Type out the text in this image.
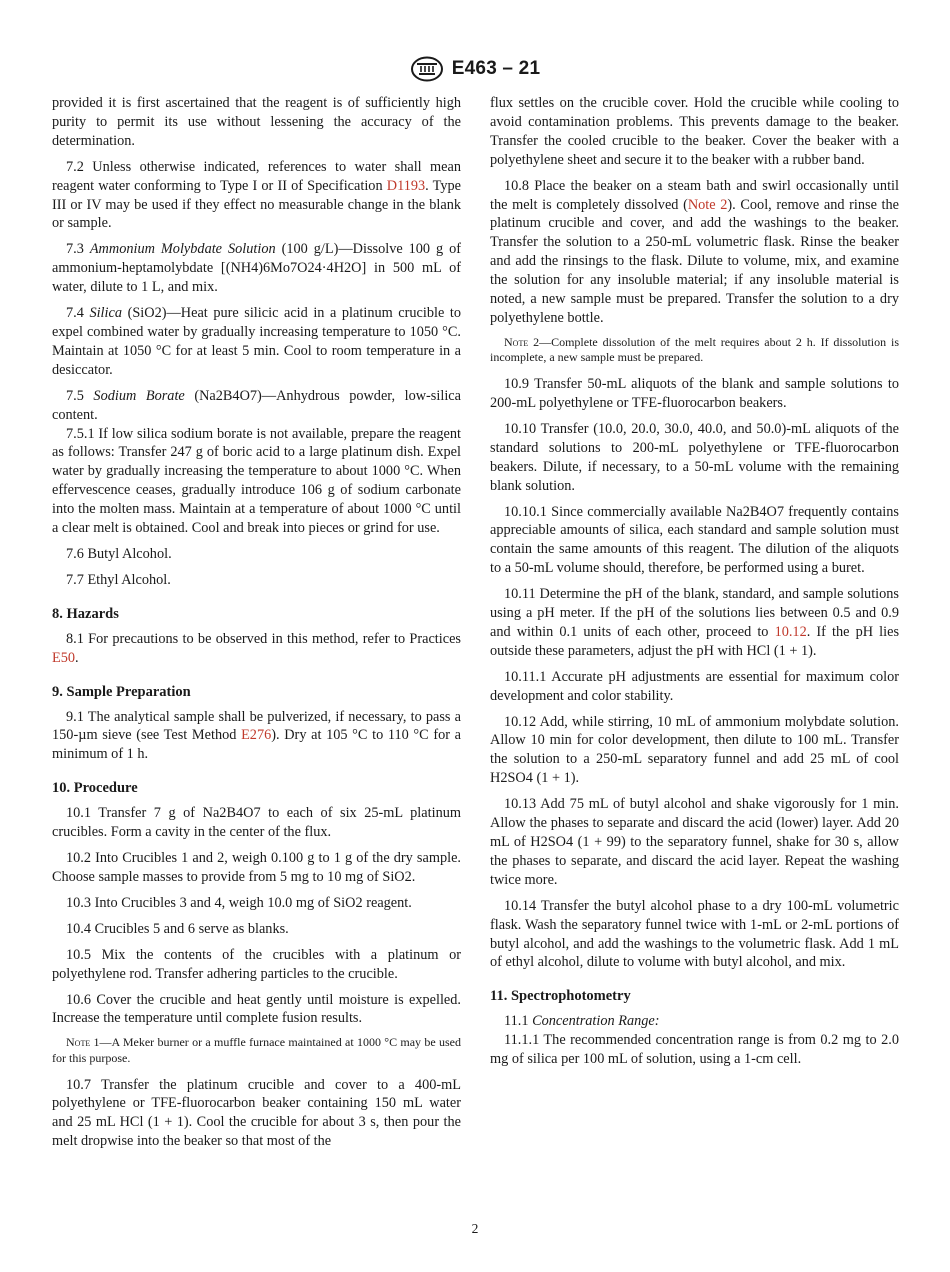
E463 – 21

provided it is first ascertained that the reagent is of sufficiently high purity to permit its use without lessening the accuracy of the determination.

7.2 Unless otherwise indicated, references to water shall mean reagent water conforming to Type I or II of Specification D1193. Type III or IV may be used if they effect no measurable change in the blank or sample.

7.3 Ammonium Molybdate Solution (100 g/L)—Dissolve 100 g of ammonium-heptamolybdate [(NH4)6Mo7O24·4H2O] in 500 mL of water, dilute to 1 L, and mix.

7.4 Silica (SiO2)—Heat pure silicic acid in a platinum crucible to expel combined water by gradually increasing temperature to 1050 °C. Maintain at 1050 °C for at least 5 min. Cool to room temperature in a desiccator.

7.5 Sodium Borate (Na2B4O7)—Anhydrous powder, low-silica content.

7.5.1 If low silica sodium borate is not available, prepare the reagent as follows: Transfer 247 g of boric acid to a large platinum dish. Expel water by gradually increasing the temperature to about 1000 °C. When effervescence ceases, gradually introduce 106 g of sodium carbonate into the molten mass. Maintain at a temperature of about 1000 °C until a clear melt is obtained. Cool and break into pieces or grind for use.

7.6 Butyl Alcohol.

7.7 Ethyl Alcohol.

8. Hazards

8.1 For precautions to be observed in this method, refer to Practices E50.

9. Sample Preparation

9.1 The analytical sample shall be pulverized, if necessary, to pass a 150-µm sieve (see Test Method E276). Dry at 105 °C to 110 °C for a minimum of 1 h.

10. Procedure

10.1 Transfer 7 g of Na2B4O7 to each of six 25-mL platinum crucibles. Form a cavity in the center of the flux.

10.2 Into Crucibles 1 and 2, weigh 0.100 g to 1 g of the dry sample. Choose sample masses to provide from 5 mg to 10 mg of SiO2.

10.3 Into Crucibles 3 and 4, weigh 10.0 mg of SiO2 reagent.

10.4 Crucibles 5 and 6 serve as blanks.

10.5 Mix the contents of the crucibles with a platinum or polyethylene rod. Transfer adhering particles to the crucible.

10.6 Cover the crucible and heat gently until moisture is expelled. Increase the temperature until complete fusion results.

Note 1—A Meker burner or a muffle furnace maintained at 1000 °C may be used for this purpose.

10.7 Transfer the platinum crucible and cover to a 400-mL polyethylene or TFE-fluorocarbon beaker containing 150 mL water and 25 mL HCl (1 + 1). Cool the crucible for about 3 s, then pour the melt dropwise into the beaker so that most of the

flux settles on the crucible cover. Hold the crucible while cooling to avoid contamination problems. This prevents damage to the beaker. Transfer the cooled crucible to the beaker. Cover the beaker with a polyethylene sheet and secure it to the beaker with a rubber band.

10.8 Place the beaker on a steam bath and swirl occasionally until the melt is completely dissolved (Note 2). Cool, remove and rinse the platinum crucible and cover, and add the washings to the beaker. Transfer the solution to a 250-mL volumetric flask. Rinse the beaker and add the rinsings to the flask. Dilute to volume, mix, and examine the solution for any insoluble material; if any insoluble material is noted, a new sample must be prepared. Transfer the solution to a dry polyethylene bottle.

Note 2—Complete dissolution of the melt requires about 2 h. If dissolution is incomplete, a new sample must be prepared.

10.9 Transfer 50-mL aliquots of the blank and sample solutions to 200-mL polyethylene or TFE-fluorocarbon beakers.

10.10 Transfer (10.0, 20.0, 30.0, 40.0, and 50.0)-mL aliquots of the standard solutions to 200-mL polyethylene or TFE-fluorocarbon beakers. Dilute, if necessary, to a 50-mL volume with the remaining blank solution.

10.10.1 Since commercially available Na2B4O7 frequently contains appreciable amounts of silica, each standard and sample solution must contain the same amounts of this reagent. The dilution of the aliquots to a 50-mL volume should, therefore, be performed using a buret.

10.11 Determine the pH of the blank, standard, and sample solutions using a pH meter. If the pH of the solutions lies between 0.5 and 0.9 and within 0.1 units of each other, proceed to 10.12. If the pH lies outside these parameters, adjust the pH with HCl (1 + 1).

10.11.1 Accurate pH adjustments are essential for maximum color development and color stability.

10.12 Add, while stirring, 10 mL of ammonium molybdate solution. Allow 10 min for color development, then dilute to 100 mL. Transfer the solution to a 250-mL separatory funnel and add 25 mL of cool H2SO4 (1 + 1).

10.13 Add 75 mL of butyl alcohol and shake vigorously for 1 min. Allow the phases to separate and discard the acid (lower) layer. Add 20 mL of H2SO4 (1 + 99) to the separatory funnel, shake for 30 s, allow the phases to separate, and discard the acid layer. Repeat the washing twice more.

10.14 Transfer the butyl alcohol phase to a dry 100-mL volumetric flask. Wash the separatory funnel twice with 1-mL or 2-mL portions of butyl alcohol, and add the washings to the volumetric flask. Add 1 mL of ethyl alcohol, dilute to volume with butyl alcohol, and mix.

11. Spectrophotometry

11.1 Concentration Range:

11.1.1 The recommended concentration range is from 0.2 mg to 2.0 mg of silica per 100 mL of solution, using a 1-cm cell.

2
